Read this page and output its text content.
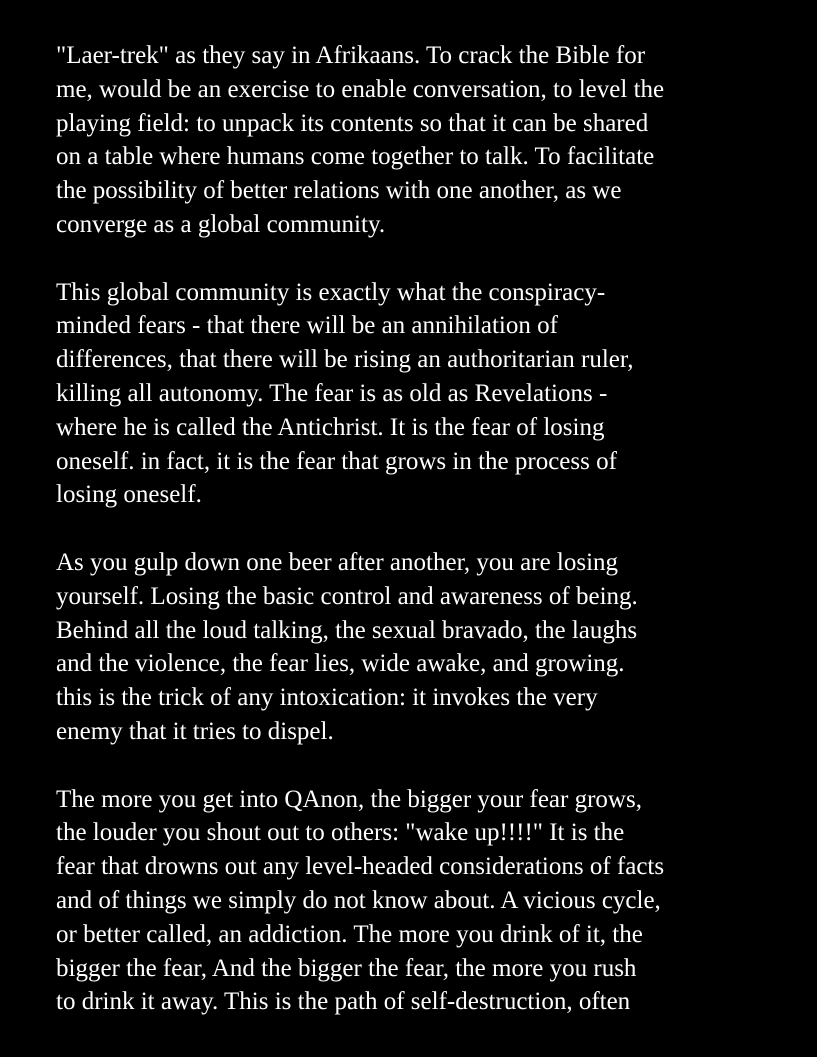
"Laer-trek" as they say in Afrikaans. To crack the Bible for
me, would be an exercise to enable conversation, to level the
playing field: to unpack its contents so that it can be shared
on a table where humans come together to talk. To facilitate
the possibility of better relations with one another, as we
converge as a global community.
This global community is exactly what the conspiracy-
minded fears - that there will be an annihilation of
differences, that there will be rising an authoritarian ruler,
killing all autonomy. The fear is as old as Revelations -
where he is called the Antichrist. It is the fear of losing
oneself. in fact, it is the fear that grows in the process of
losing oneself.
As you gulp down one beer after another, you are losing
yourself. Losing the basic control and awareness of being.
Behind all the loud talking, the sexual bravado, the laughs
and the violence, the fear lies, wide awake, and growing.
this is the trick of any intoxication: it invokes the very
enemy that it tries to dispel.
The more you get into QAnon, the bigger your fear grows,
the louder you shout out to others: "wake up!!!!" It is the
fear that drowns out any level-headed considerations of facts
and of things we simply do not know about. A vicious cycle,
or better called, an addiction. The more you drink of it, the
bigger the fear, And the bigger the fear, the more you rush
to drink it away. This is the path of self-destruction, often
